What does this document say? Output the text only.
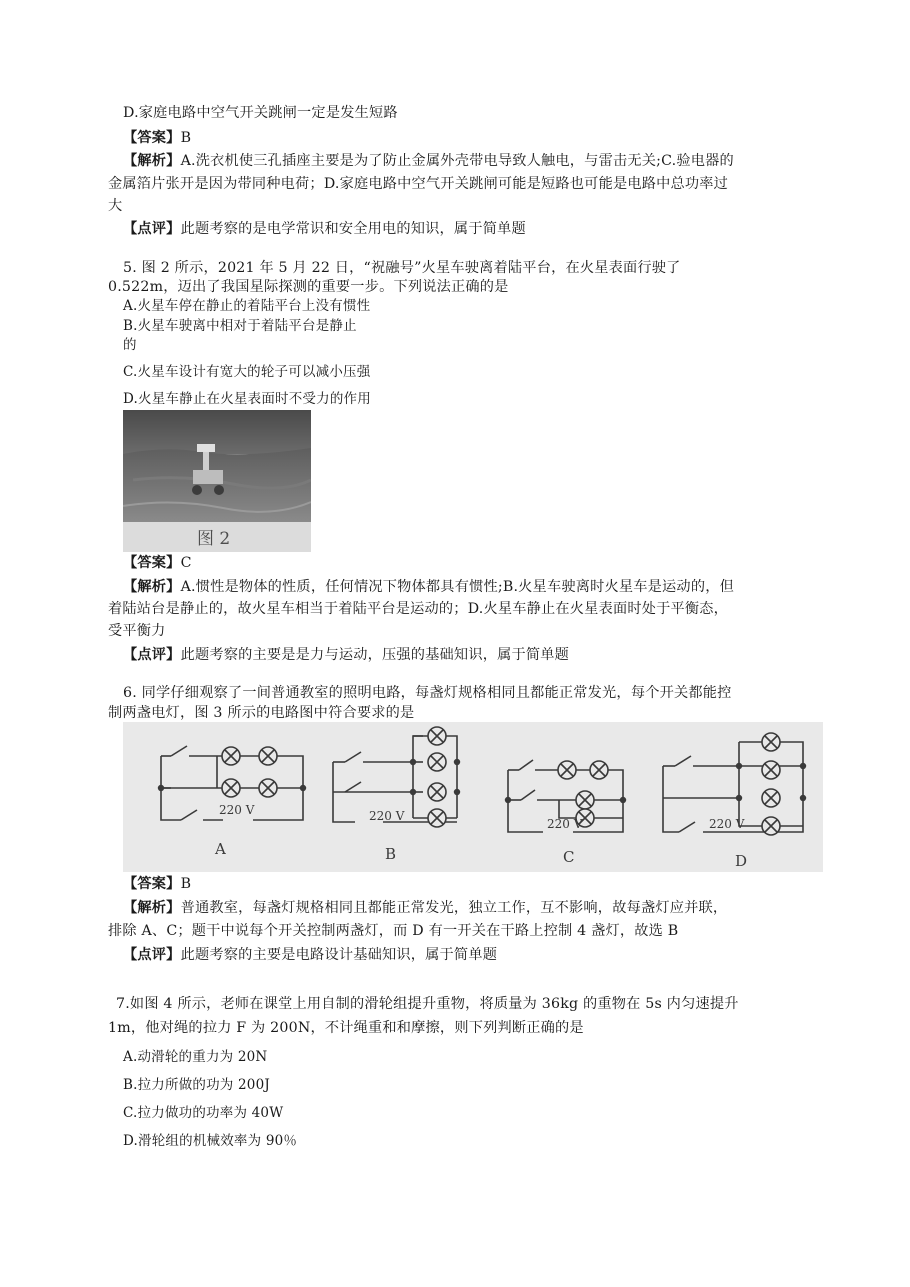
D.家庭电路中空气开关跳闸一定是发生短路
【答案】B
【解析】A.洗衣机使三孔插座主要是为了防止金属外壳带电导致人触电，与雷击无关;C.验电器的
金属箔片张开是因为带同种电荷；D.家庭电路中空气开关跳闸可能是短路也可能是电路中总功率过
大
【点评】此题考察的是电学常识和安全用电的知识，属于简单题
5. 图 2 所示，2021 年 5 月 22 日，“祝融号”火星车驶离着陆平台，在火星表面行驶了
0.522m，迈出了我国星际探测的重要一步。下列说法正确的是
A.火星车停在静止的着陆平台上没有惯性
B.火星车驶离中相对于着陆平台是静止
的
C.火星车设计有宽大的轮子可以减小压强
D.火星车静止在火星表面时不受力的作用
图 2
【答案】C
【解析】A.惯性是物体的性质，任何情况下物体都具有惯性;B.火星车驶离时火星车是运动的，但
着陆站台是静止的，故火星车相当于着陆平台是运动的；D.火星车静止在火星表面时处于平衡态，
受平衡力
【点评】此题考察的主要是是力与运动，压强的基础知识，属于简单题
6. 同学仔细观察了一间普通教室的照明电路，每盏灯规格相同且都能正常发光，每个开关都能控
制两盏电灯，图 3 所示的电路图中符合要求的是
220 V	220 V
220 V	220 V
A	B	C	D
【答案】B
【解析】普通教室，每盏灯规格相同且都能正常发光，独立工作，互不影响，故每盏灯应并联，
排除 A、C；题干中说每个开关控制两盏灯，而 D 有一开关在干路上控制 4 盏灯，故选 B
【点评】此题考察的主要是电路设计基础知识，属于简单题
7.如图 4 所示，老师在课堂上用自制的滑轮组提升重物，将质量为 36kg 的重物在 5s 内匀速提升
1m，他对绳的拉力 F 为 200N，不计绳重和和摩擦，则下列判断正确的是
A.动滑轮的重力为 20N
B.拉力所做的功为 200J
C.拉力做功的功率为 40W
D.滑轮组的机械效率为 90％
